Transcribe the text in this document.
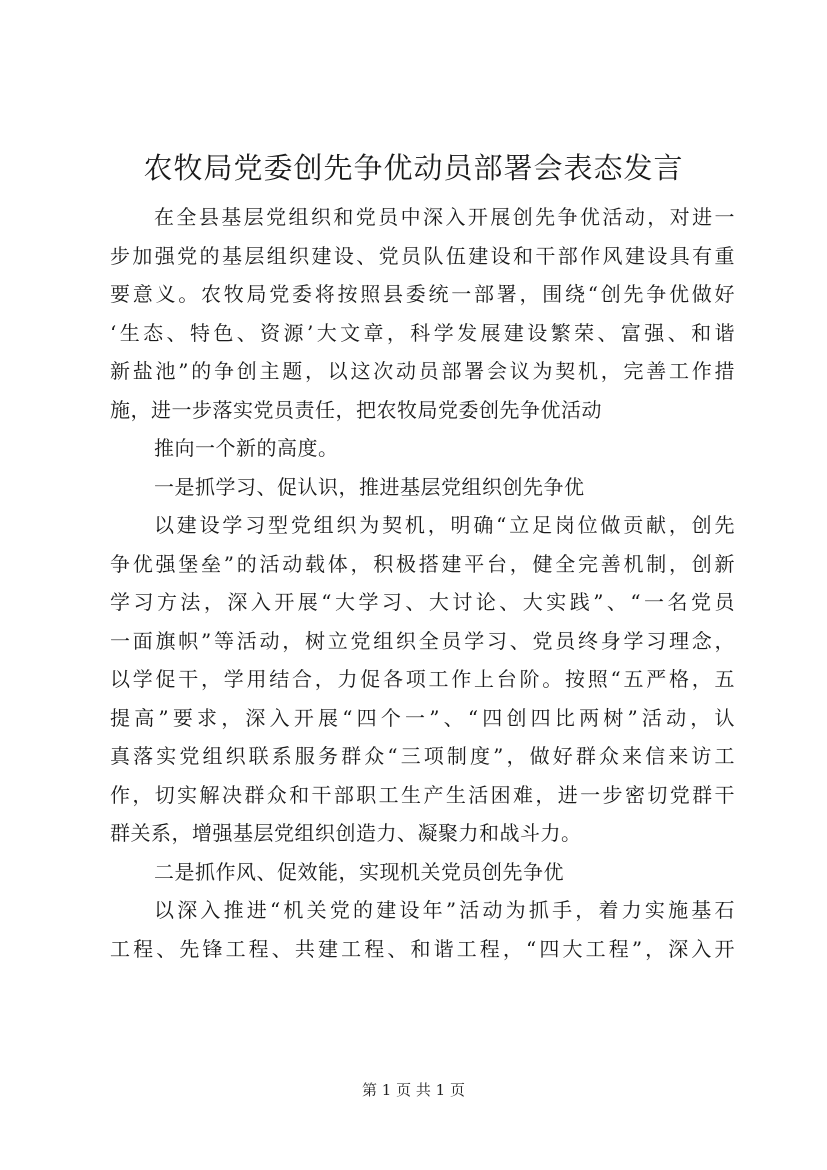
农牧局党委创先争优动员部署会表态发言
在全县基层党组织和党员中深入开展创先争优活动，对进一
步加强党的基层组织建设、党员队伍建设和干部作风建设具有重
要意义。农牧局党委将按照县委统一部署，围绕“创先争优做好
‘生态、特色、资源’大文章，科学发展建设繁荣、富强、和谐
新盐池”的争创主题，以这次动员部署会议为契机，完善工作措
施，进一步落实党员责任，把农牧局党委创先争优活动
推向一个新的高度。
一是抓学习、促认识，推进基层党组织创先争优
以建设学习型党组织为契机，明确“立足岗位做贡献，创先
争优强堡垒”的活动载体，积极搭建平台，健全完善机制，创新
学习方法，深入开展“大学习、大讨论、大实践”、“一名党员
一面旗帜”等活动，树立党组织全员学习、党员终身学习理念，
以学促干，学用结合，力促各项工作上台阶。按照“五严格，五
提高”要求，深入开展“四个一”、“四创四比两树”活动，认
真落实党组织联系服务群众“三项制度”，做好群众来信来访工
作，切实解决群众和干部职工生产生活困难，进一步密切党群干
群关系，增强基层党组织创造力、凝聚力和战斗力。
二是抓作风、促效能，实现机关党员创先争优
以深入推进“机关党的建设年”活动为抓手，着力实施基石
工程、先锋工程、共建工程、和谐工程，“四大工程”，深入开
第 1 页 共 1 页
